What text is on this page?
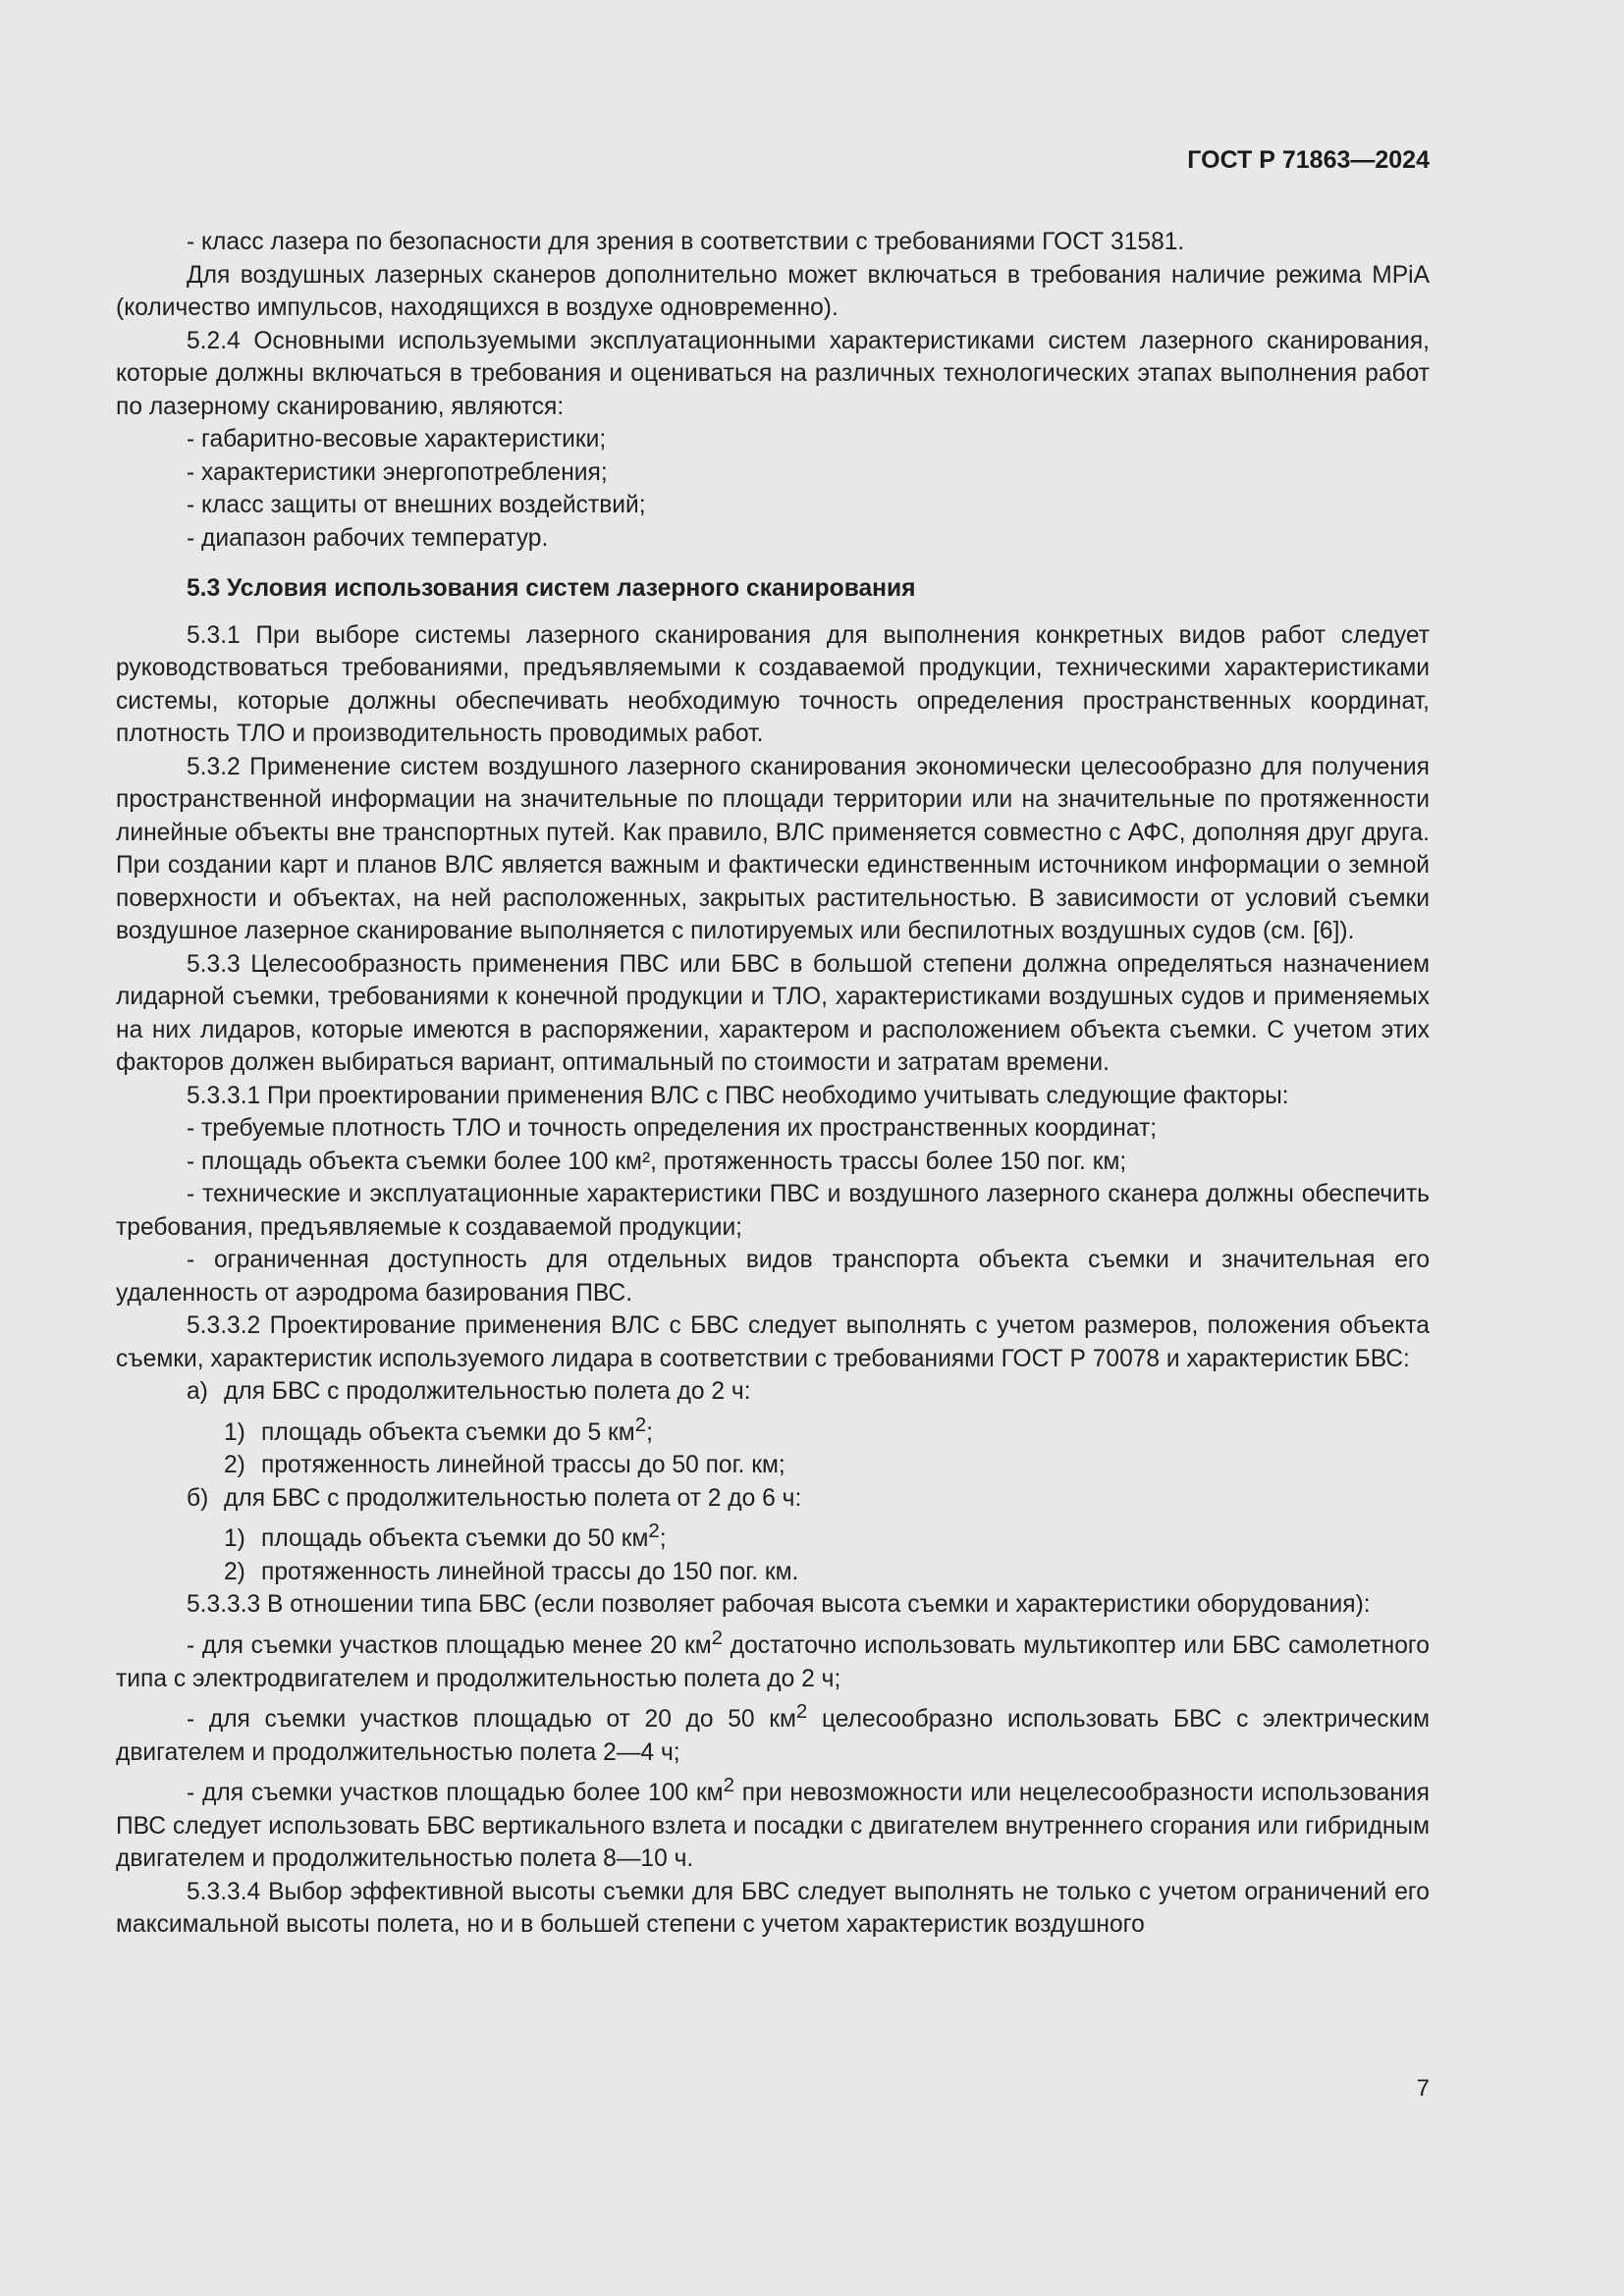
ГОСТ Р 71863—2024

- класс лазера по безопасности для зрения в соответствии с требованиями ГОСТ 31581.

Для воздушных лазерных сканеров дополнительно может включаться в требования наличие режима MPiA (количество импульсов, находящихся в воздухе одновременно).

5.2.4 Основными используемыми эксплуатационными характеристиками систем лазерного сканирования, которые должны включаться в требования и оцениваться на различных технологических этапах выполнения работ по лазерному сканированию, являются:

- габаритно-весовые характеристики;

- характеристики энергопотребления;

- класс защиты от внешних воздействий;

- диапазон рабочих температур.

5.3 Условия использования систем лазерного сканирования

5.3.1 При выборе системы лазерного сканирования для выполнения конкретных видов работ следует руководствоваться требованиями, предъявляемыми к создаваемой продукции, техническими характеристиками системы, которые должны обеспечивать необходимую точность определения пространственных координат, плотность ТЛО и производительность проводимых работ.

5.3.2 Применение систем воздушного лазерного сканирования экономически целесообразно для получения пространственной информации на значительные по площади территории или на значительные по протяженности линейные объекты вне транспортных путей. Как правило, ВЛС применяется совместно с АФС, дополняя друг друга. При создании карт и планов ВЛС является важным и фактически единственным источником информации о земной поверхности и объектах, на ней расположенных, закрытых растительностью. В зависимости от условий съемки воздушное лазерное сканирование выполняется с пилотируемых или беспилотных воздушных судов (см. [6]).

5.3.3 Целесообразность применения ПВС или БВС в большой степени должна определяться назначением лидарной съемки, требованиями к конечной продукции и ТЛО, характеристиками воздушных судов и применяемых на них лидаров, которые имеются в распоряжении, характером и расположением объекта съемки. С учетом этих факторов должен выбираться вариант, оптимальный по стоимости и затратам времени.

5.3.3.1 При проектировании применения ВЛС с ПВС необходимо учитывать следующие факторы:

- требуемые плотность ТЛО и точность определения их пространственных координат;

- площадь объекта съемки более 100 км², протяженность трассы более 150 пог. км;

- технические и эксплуатационные характеристики ПВС и воздушного лазерного сканера должны обеспечить требования, предъявляемые к создаваемой продукции;

- ограниченная доступность для отдельных видов транспорта объекта съемки и значительная его удаленность от аэродрома базирования ПВС.

5.3.3.2 Проектирование применения ВЛС с БВС следует выполнять с учетом размеров, положения объекта съемки, характеристик используемого лидара в соответствии с требованиями ГОСТ Р 70078 и характеристик БВС:

а) для БВС с продолжительностью полета до 2 ч:

1) площадь объекта съемки до 5 $км^2$;

2) протяженность линейной трассы до 50 пог. км;

б) для БВС с продолжительностью полета от 2 до 6 ч:

1) площадь объекта съемки до 50 $км^2$;

2) протяженность линейной трассы до 150 пог. км.

5.3.3.3 В отношении типа БВС (если позволяет рабочая высота съемки и характеристики оборудования):

- для съемки участков площадью менее 20 $км^2$ достаточно использовать мультикоптер или БВС самолетного типа с электродвигателем и продолжительностью полета до 2 ч;

- для съемки участков площадью от 20 до 50 $км^2$ целесообразно использовать БВС с электрическим двигателем и продолжительностью полета 2—4 ч;

- для съемки участков площадью более 100 $км^2$ при невозможности или нецелесообразности использования ПВС следует использовать БВС вертикального взлета и посадки с двигателем внутреннего сгорания или гибридным двигателем и продолжительностью полета 8—10 ч.

5.3.3.4 Выбор эффективной высоты съемки для БВС следует выполнять не только с учетом ограничений его максимальной высоты полета, но и в большей степени с учетом характеристик воздушного

7
